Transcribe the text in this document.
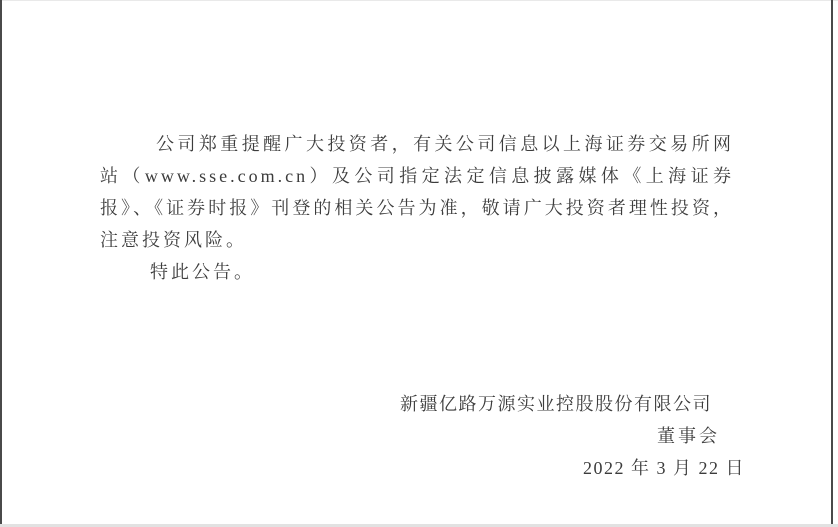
公司郑重提醒广大投资者，有关公司信息以上海证券交易所网站（www.sse.com.cn）及公司指定法定信息披露媒体《上海证券报》、《证券时报》刊登的相关公告为准，敬请广大投资者理性投资，注意投资风险。

特此公告。

新疆亿路万源实业控股股份有限公司
董事会
2022 年 3 月 22 日
